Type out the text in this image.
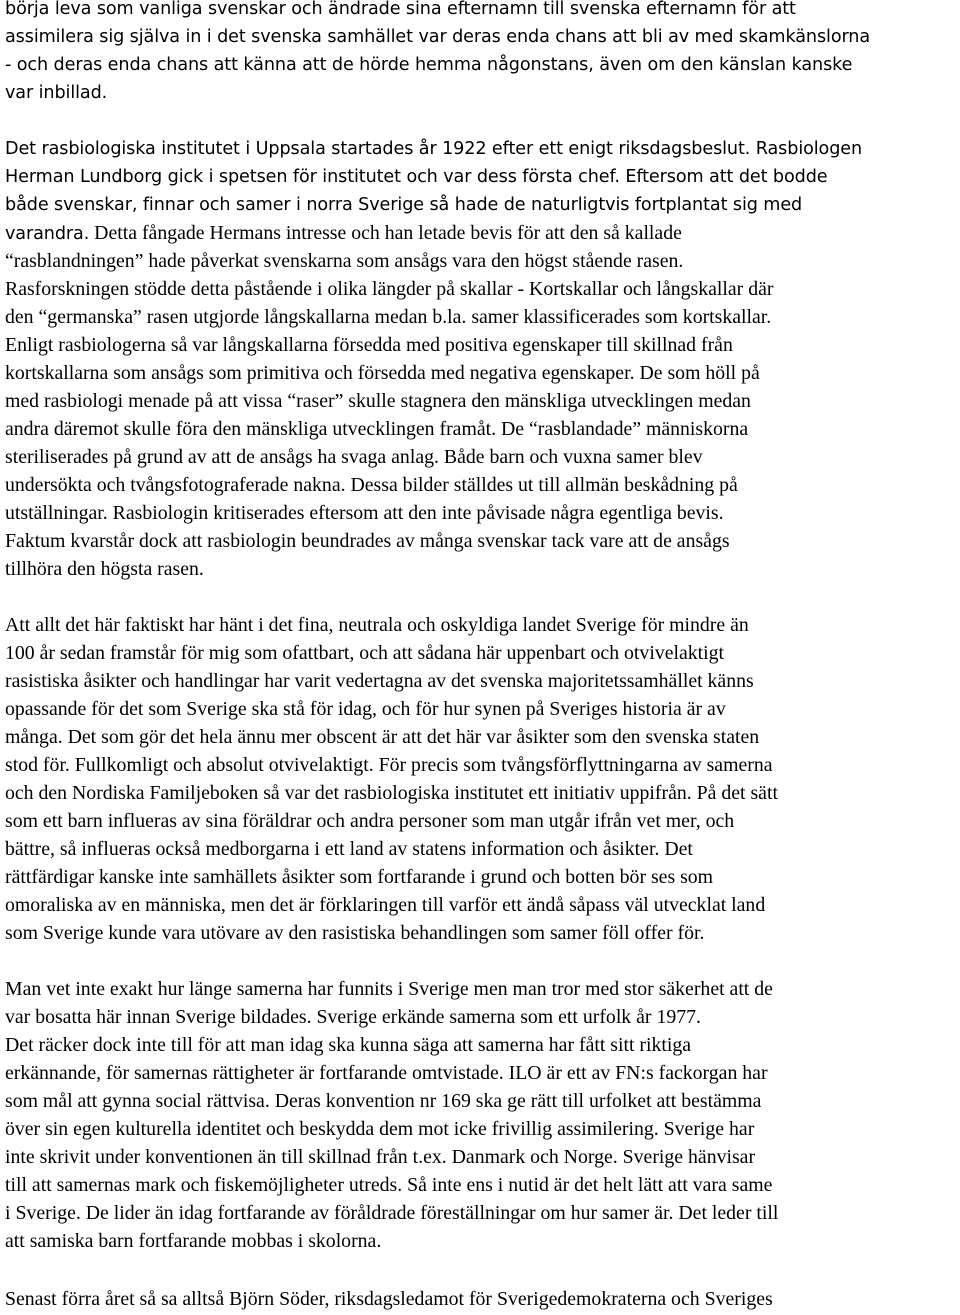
börja leva som vanliga svenskar och ändrade sina efternamn till svenska efternamn för att
assimilera sig själva in i det svenska samhället var deras enda chans att bli av med skamkänslorna
- och deras enda chans att känna att de hörde hemma någonstans, även om den känslan kanske
var inbillad.
Det rasbiologiska institutet i Uppsala startades år 1922 efter ett enigt riksdagsbeslut. Rasbiologen
Herman Lundborg gick i spetsen för institutet och var dess första chef. Eftersom att det bodde
både svenskar, finnar och samer i norra Sverige så hade de naturligtvis fortplantat sig med
varandra. Detta fångade Hermans intresse och han letade bevis för att den så kallade
“rasblandningen” hade påverkat svenskarna som ansågs vara den högst stående rasen.
Rasforskningen stödde detta påstående i olika längder på skallar - Kortskallar och långskallar där
den “germanska” rasen utgjorde långskallarna medan b.la. samer klassificerades som kortskallar.
Enligt rasbiologerna så var långskallarna försedda med positiva egenskaper till skillnad från
kortskallarna som ansågs som primitiva och försedda med negativa egenskaper. De som höll på
med rasbiologi menade på att vissa “raser” skulle stagnera den mänskliga utvecklingen medan
andra däremot skulle föra den mänskliga utvecklingen framåt. De “rasblandade” människorna
steriliserades på grund av att de ansågs ha svaga anlag. Både barn och vuxna samer blev
undersökta och tvångsfotograferade nakna. Dessa bilder ställdes ut till allmän beskådning på
utställningar. Rasbiologin kritiserades eftersom att den inte påvisade några egentliga bevis.
Faktum kvarstår dock att rasbiologin beundrades av många svenskar tack vare att de ansågs
tillhöra den högsta rasen.
Att allt det här faktiskt har hänt i det fina, neutrala och oskyldiga landet Sverige för mindre än
100 år sedan framstår för mig som ofattbart, och att sådana här uppenbart och otvivelaktigt
rasistiska åsikter och handlingar har varit vedertagna av det svenska majoritetssamhället känns
opassande för det som Sverige ska stå för idag, och för hur synen på Sveriges historia är av
många. Det som gör det hela ännu mer obscent är att det här var åsikter som den svenska staten
stod för. Fullkomligt och absolut otvivelaktigt. För precis som tvångsförflyttningarna av samerna
och den Nordiska Familjeboken så var det rasbiologiska institutet ett initiativ uppifrån. På det sätt
som ett barn influeras av sina föräldrar och andra personer som man utgår ifrån vet mer, och
bättre, så influeras också medborgarna i ett land av statens information och åsikter. Det
rättfärdigar kanske inte samhällets åsikter som fortfarande i grund och botten bör ses som
omoraliska av en människa, men det är förklaringen till varför ett ändå såpass väl utvecklat land
som Sverige kunde vara utövare av den rasistiska behandlingen som samer föll offer för.
Man vet inte exakt hur länge samerna har funnits i Sverige men man tror med stor säkerhet att de
var bosatta här innan Sverige bildades. Sverige erkände samerna som ett urfolk år 1977.
Det räcker dock inte till för att man idag ska kunna säga att samerna har fått sitt riktiga
erkännande, för samernas rättigheter är fortfarande omtvistade. ILO är ett av FN:s fackorgan har
som mål att gynna social rättvisa. Deras konvention nr 169 ska ge rätt till urfolket att bestämma
över sin egen kulturella identitet och beskydda dem mot icke frivillig assimilering. Sverige har
inte skrivit under konventionen än till skillnad från t.ex. Danmark och Norge. Sverige hänvisar
till att samernas mark och fiskemöjligheter utreds. Så inte ens i nutid är det helt lätt att vara same
i Sverige. De lider än idag fortfarande av föråldrade föreställningar om hur samer är. Det leder till
att samiska barn fortfarande mobbas i skolorna.
Senast förra året så sa alltså Björn Söder, riksdagsledamot för Sverigedemokraterna och Sveriges
